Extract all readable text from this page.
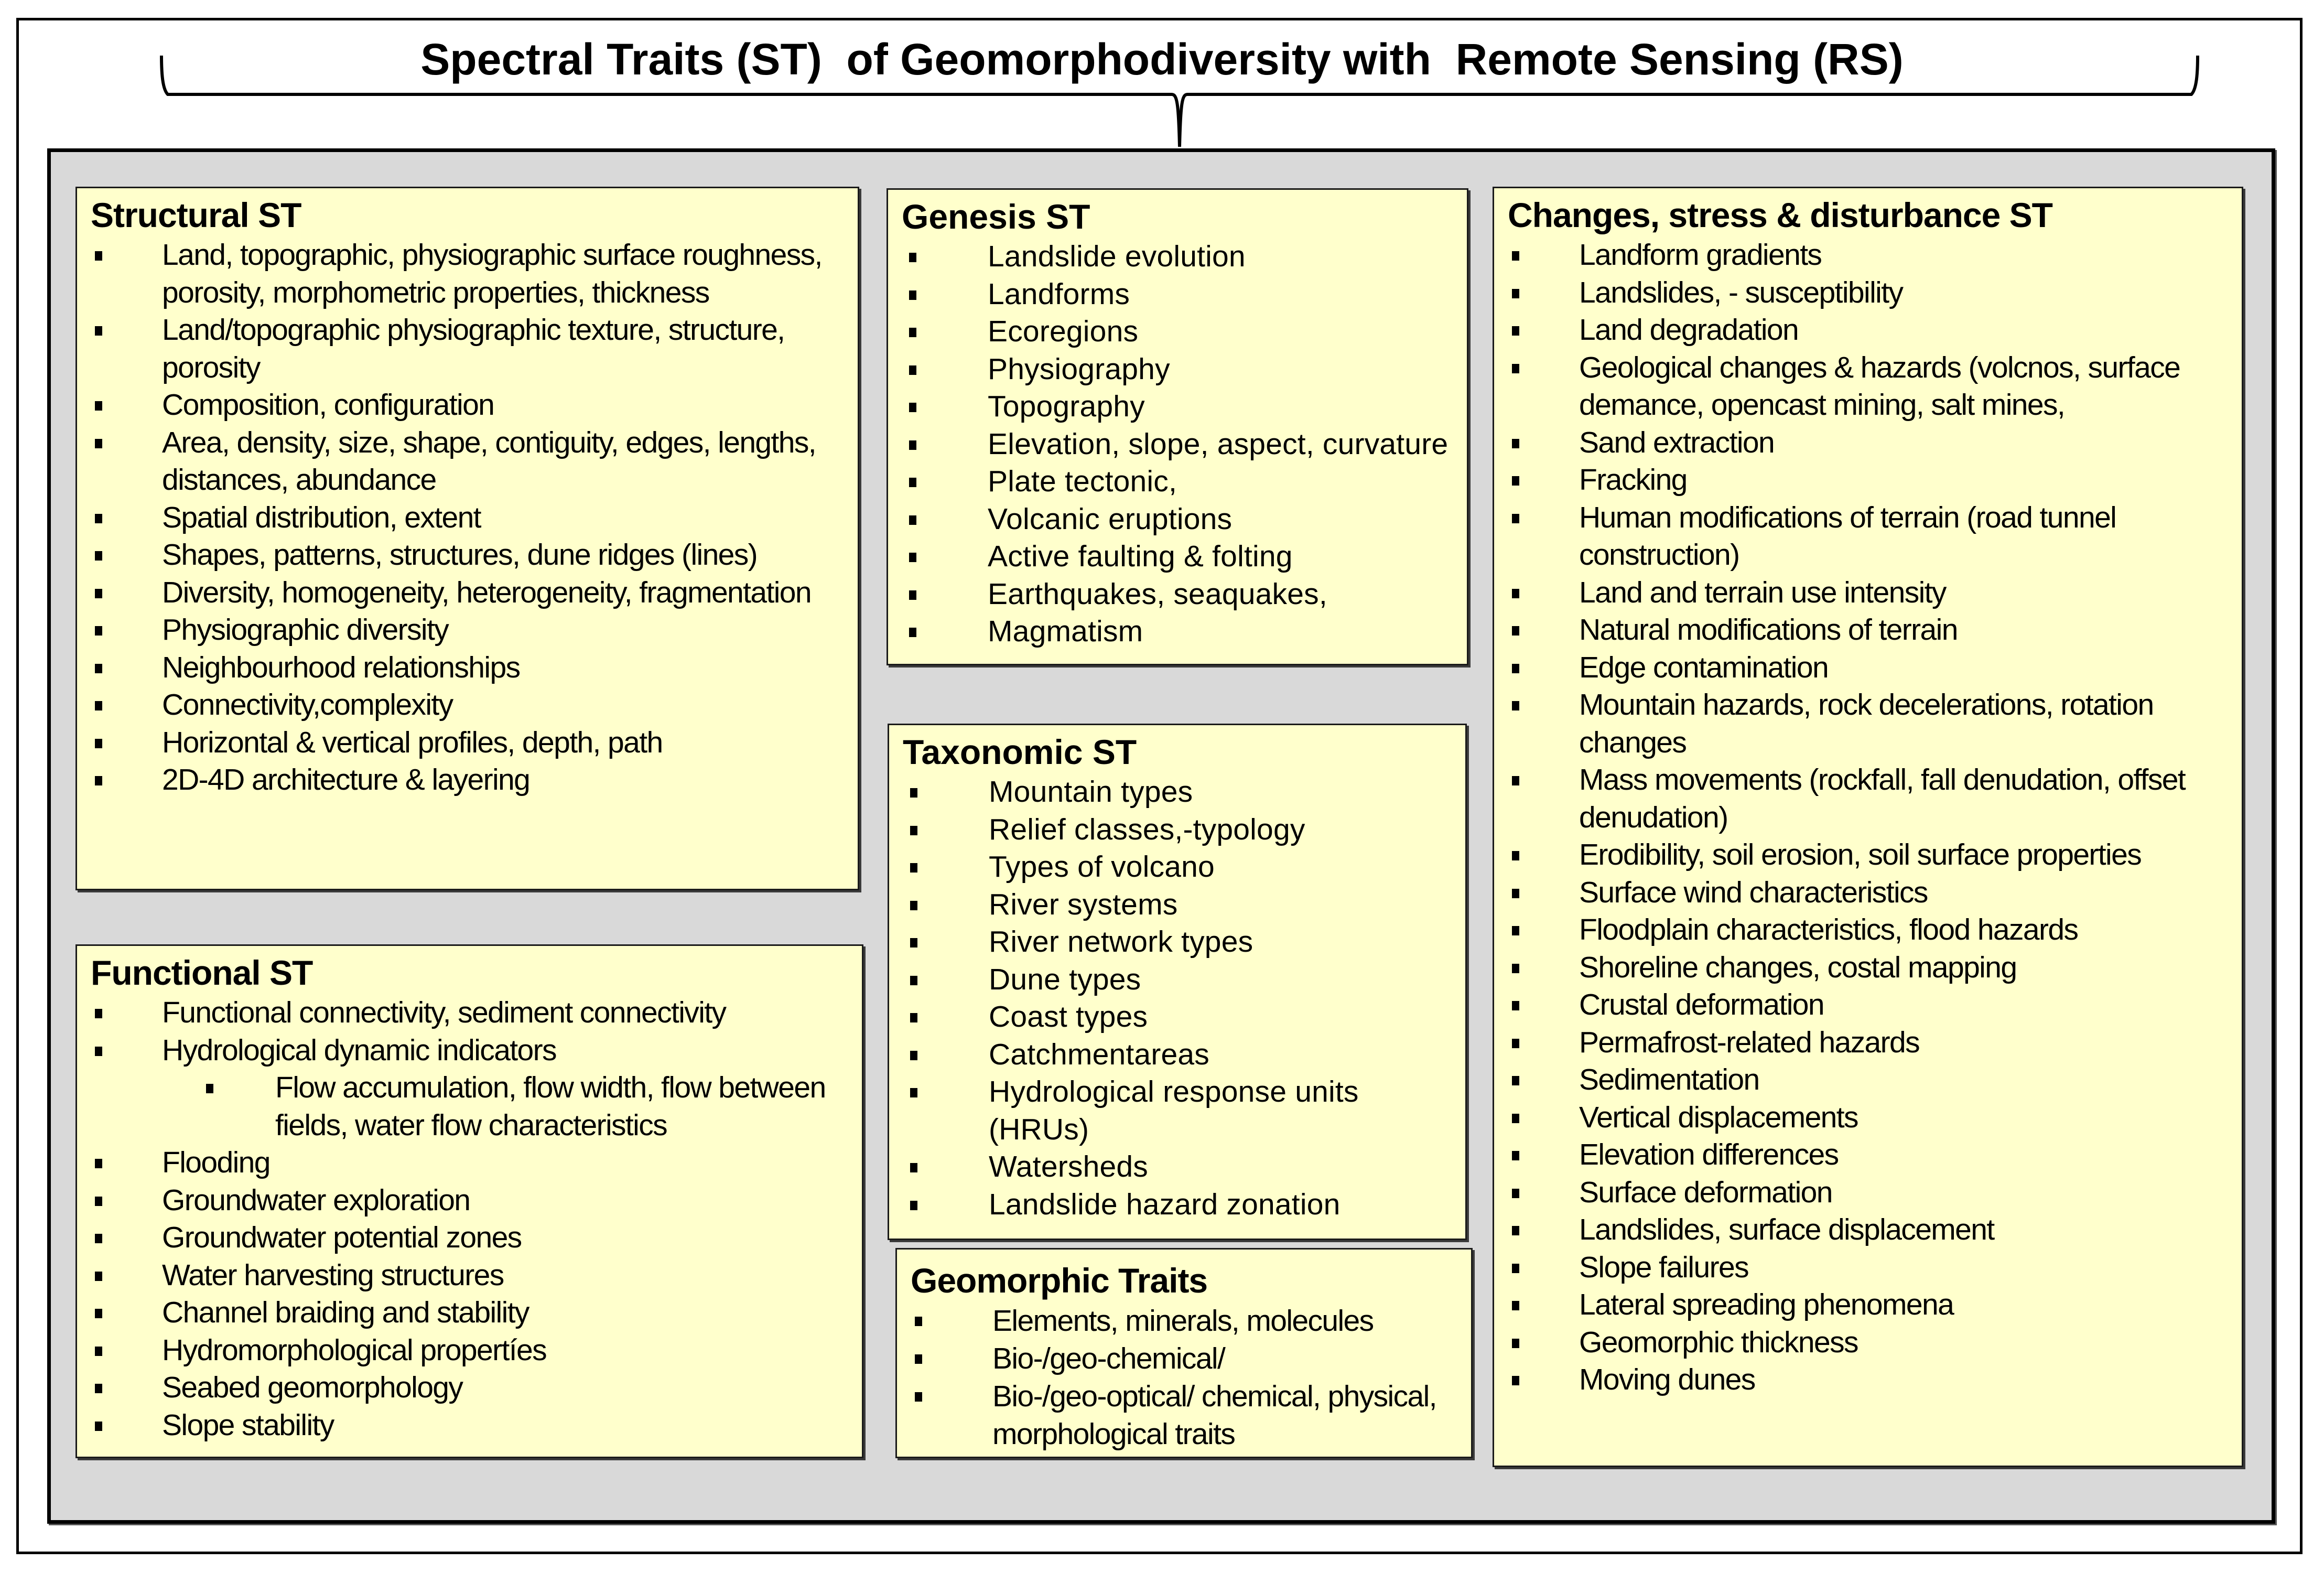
Spectral Traits (ST)  of Geomorphodiversity with  Remote Sensing (RS)
Structural ST
Land, topographic, physiographic surface roughness, porosity, morphometric properties, thickness
Land/topographic physiographic texture, structure, porosity
Composition, configuration
Area, density, size, shape, contiguity, edges, lengths, distances, abundance
Spatial distribution, extent
Shapes, patterns, structures, dune ridges (lines)
Diversity, homogeneity, heterogeneity, fragmentation
Physiographic diversity
Neighbourhood relationships
Connectivity,complexity
Horizontal & vertical profiles, depth, path
2D-4D architecture & layering
Functional ST
Functional connectivity, sediment connectivity
Hydrological dynamic indicators
Flow accumulation, flow width, flow between fields, water flow characteristics
Flooding
Groundwater exploration
Groundwater potential zones
Water harvesting structures
Channel braiding and stability
Hydromorphological propertíes
Seabed geomorphology
Slope stability
Genesis ST
Landslide evolution
Landforms
Ecoregions
Physiography
Topography
Elevation, slope, aspect, curvature
Plate tectonic,
Volcanic eruptions
Active faulting & folting
Earthquakes, seaquakes,
Magmatism
Taxonomic ST
Mountain types
Relief classes,-typology
Types of volcano
River systems
River network types
Dune types
Coast types
Catchmentareas
Hydrological response units (HRUs)
Watersheds
Landslide hazard zonation
Geomorphic Traits
Elements, minerals, molecules
Bio-/geo-chemical/
Bio-/geo-optical/ chemical, physical, morphological traits
Changes, stress & disturbance ST
Landform gradients
Landslides, - susceptibility
Land degradation
Geological changes & hazards (volcnos, surface demance, opencast mining, salt mines,
Sand extraction
Fracking
Human modifications of terrain (road tunnel construction)
Land and terrain use intensity
Natural modifications of terrain
Edge contamination
Mountain hazards, rock decelerations, rotation changes
Mass movements (rockfall, fall denudation, offset denudation)
Erodibility, soil erosion, soil surface properties
Surface wind characteristics
Floodplain characteristics, flood hazards
Shoreline changes, costal mapping
Crustal deformation
Permafrost-related hazards
Sedimentation
Vertical displacements
Elevation differences
Surface deformation
Landslides, surface displacement
Slope failures
Lateral spreading phenomena
Geomorphic thickness
Moving dunes
